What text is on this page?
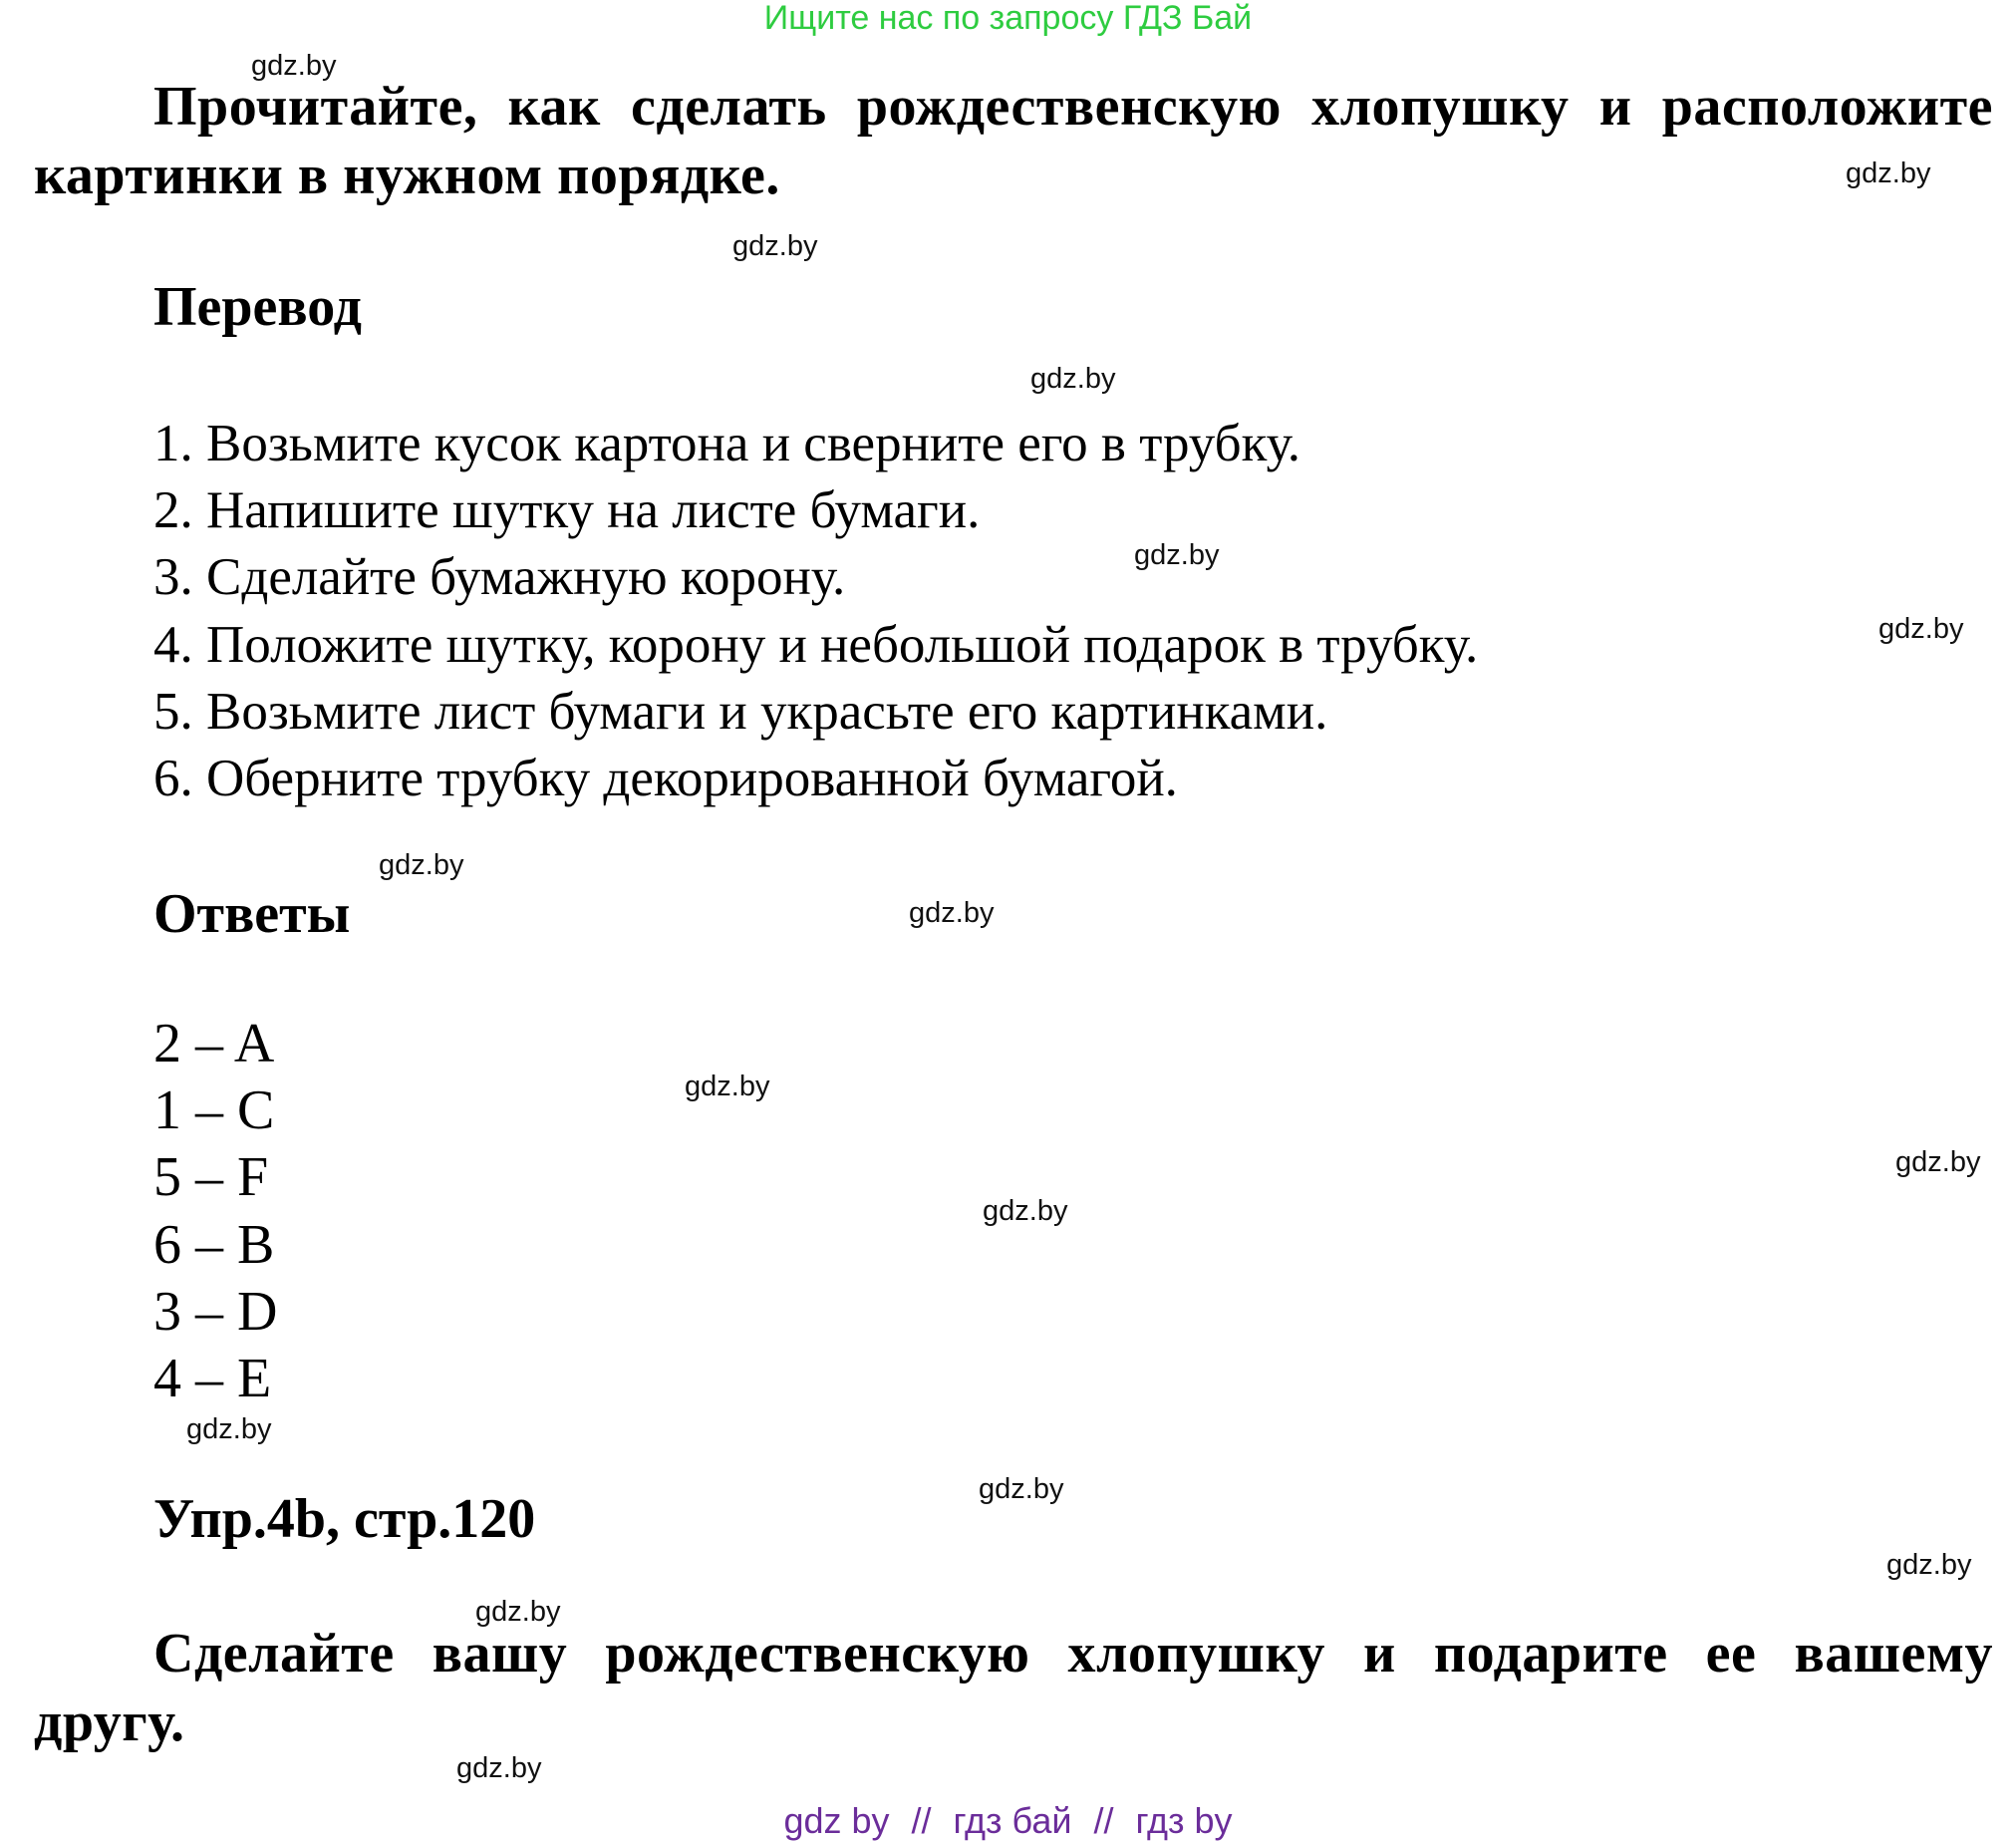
Ищите нас по запросу ГДЗ Бай

Прочитайте, как сделать рождественскую хлопушку и расположите картинки в нужном порядке.

Перевод
1. Возьмите кусок картона и сверните его в трубку.
2. Напишите шутку на листе бумаги.
3. Сделайте бумажную корону.
4. Положите шутку, корону и небольшой подарок в трубку.
5. Возьмите лист бумаги и украсьте его картинками.
6. Оберните трубку декорированной бумагой.
Ответы
2 – A
1 – C
5 – F
6 – B
3 – D
4 – E
Упр.4b, стр.120

Сделайте вашу рождественскую хлопушку и подарите ее вашему другу.

gdz.by
gdz.by
gdz.by
gdz.by
gdz.by
gdz.by
gdz.by
gdz.by
gdz.by
gdz.by
gdz.by
gdz.by
gdz.by
gdz.by
gdz.by
gdz.by
gdz by // гдз бай // гдз by
